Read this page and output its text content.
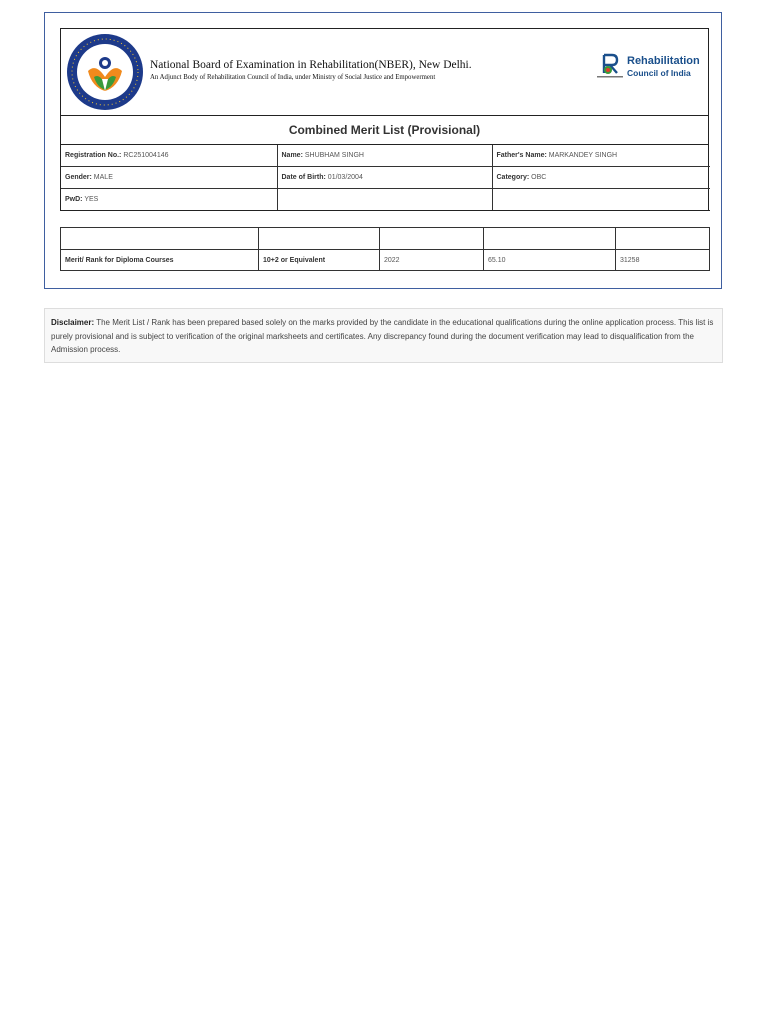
National Board of Examination in Rehabilitation(NBER), New Delhi.
An Adjunct Body of Rehabilitation Council of India, under Ministry of Social Justice and Empowerment
Rehabilitation
Council of India
Combined Merit List (Provisional)
Registration No.: RC251004146	Name: SHUBHAM SINGH	Father's Name: MARKANDEY SINGH
Gender: MALE	Date of Birth: 01/03/2004	Category: OBC
PwD: YES		

Merit/ Rank for Diploma Courses	10+2 or Equivalent	2022	65.10	31258
Disclaimer: The Merit List / Rank has been prepared based solely on the marks provided by the candidate in the educational qualifications during the online application process. This list is purely provisional and is subject to verification of the original marksheets and certificates. Any discrepancy found during the document verification may lead to disqualification from the Admission process.
